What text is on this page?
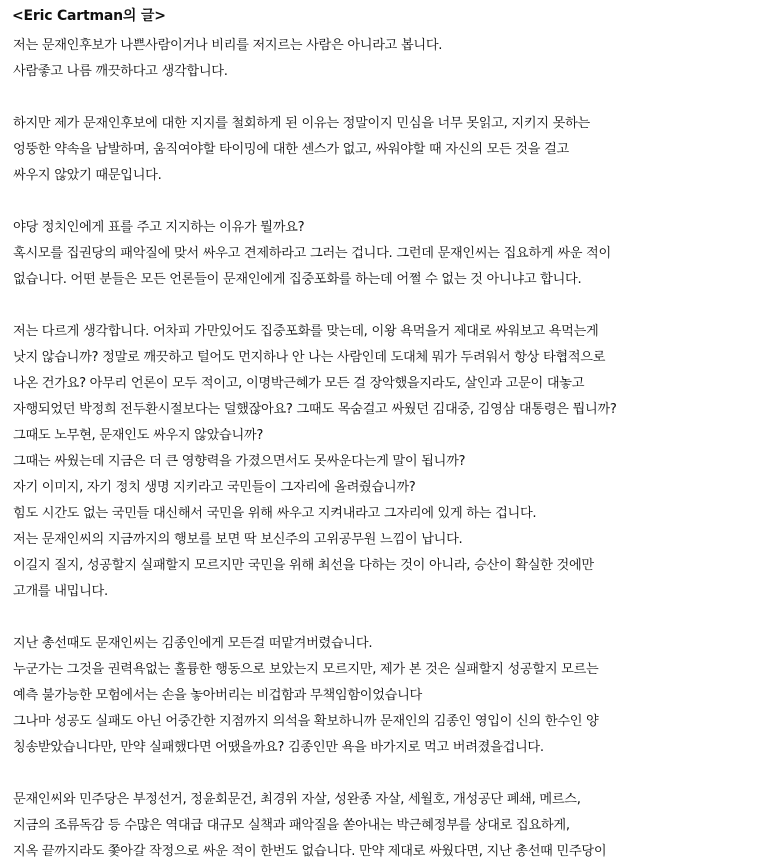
<Eric Cartman의 글>
저는 문재인후보가 나쁜사람이거나 비리를 저지르는 사람은 아니라고 봅니다.
사람좋고 나름 깨끗하다고 생각합니다.
하지만 제가 문재인후보에 대한 지지를 철회하게 된 이유는 정말이지 민심을 너무 못읽고, 지키지 못하는
엉뚱한 약속을 남발하며, 움직여야할 타이밍에 대한 센스가 없고, 싸워야할 때 자신의 모든 것을 걸고
싸우지 않았기 때문입니다.
야당 정치인에게 표를 주고 지지하는 이유가 뭘까요?
혹시모를 집권당의 패악질에 맞서 싸우고 견제하라고 그러는 겁니다. 그런데 문재인씨는 집요하게 싸운 적이
없습니다. 어떤 분들은 모든 언론들이 문재인에게 집중포화를 하는데 어쩔 수 없는 것 아니냐고 합니다.
저는 다르게 생각합니다. 어차피 가만있어도 집중포화를 맞는데, 이왕 욕먹을거 제대로 싸워보고 욕먹는게
낫지 않습니까? 정말로 깨끗하고 털어도 먼지하나 안 나는 사람인데 도대체 뭐가 두려워서 항상 타협적으로
나온 건가요? 아무리 언론이 모두 적이고, 이명박근혜가 모든 걸 장악했을지라도, 살인과 고문이 대놓고
자행되었던 박정희 전두환시절보다는 덜했잖아요? 그때도 목숨걸고 싸웠던 김대중, 김영삼 대통령은 뭡니까?
그때도 노무현, 문재인도 싸우지 않았습니까?
그때는 싸웠는데 지금은 더 큰 영향력을 가졌으면서도 못싸운다는게 말이 됩니까?
자기 이미지, 자기 정치 생명 지키라고 국민들이 그자리에 올려줬습니까?
힘도 시간도 없는 국민들 대신해서 국민을 위해 싸우고 지켜내라고 그자리에 있게 하는 겁니다.
저는 문재인씨의 지금까지의 행보를 보면 딱 보신주의 고위공무원 느낌이 납니다.
이길지 질지, 성공할지 실패할지 모르지만 국민을 위해 최선을 다하는 것이 아니라, 승산이 확실한 것에만
고개를 내밉니다.
지난 총선때도 문재인씨는 김종인에게 모든걸 떠맡겨버렸습니다.
누군가는 그것을 권력욕없는 훌륭한 행동으로 보았는지 모르지만, 제가 본 것은 실패할지 성공할지 모르는
예측 불가능한 모험에서는 손을 놓아버리는 비겁함과 무책임함이었습니다
그나마 성공도 실패도 아닌 어중간한 지점까지 의석을 확보하니까 문재인의 김종인 영입이 신의 한수인 양
칭송받았습니다만, 만약 실패했다면 어땠을까요? 김종인만 욕을 바가지로 먹고 버려졌을겁니다.
문재인씨와 민주당은 부정선거, 정윤회문건, 최경위 자살, 성완종 자살, 세월호, 개성공단 폐쇄, 메르스,
지금의 조류독감 등 수많은 역대급 대규모 실책과 패악질을 쏟아내는 박근혜정부를 상대로 집요하게,
지옥 끝까지라도 쫓아갈 작정으로 싸운 적이 한번도 없습니다. 만약 제대로 싸웠다면, 지난 총선때 민주당이
